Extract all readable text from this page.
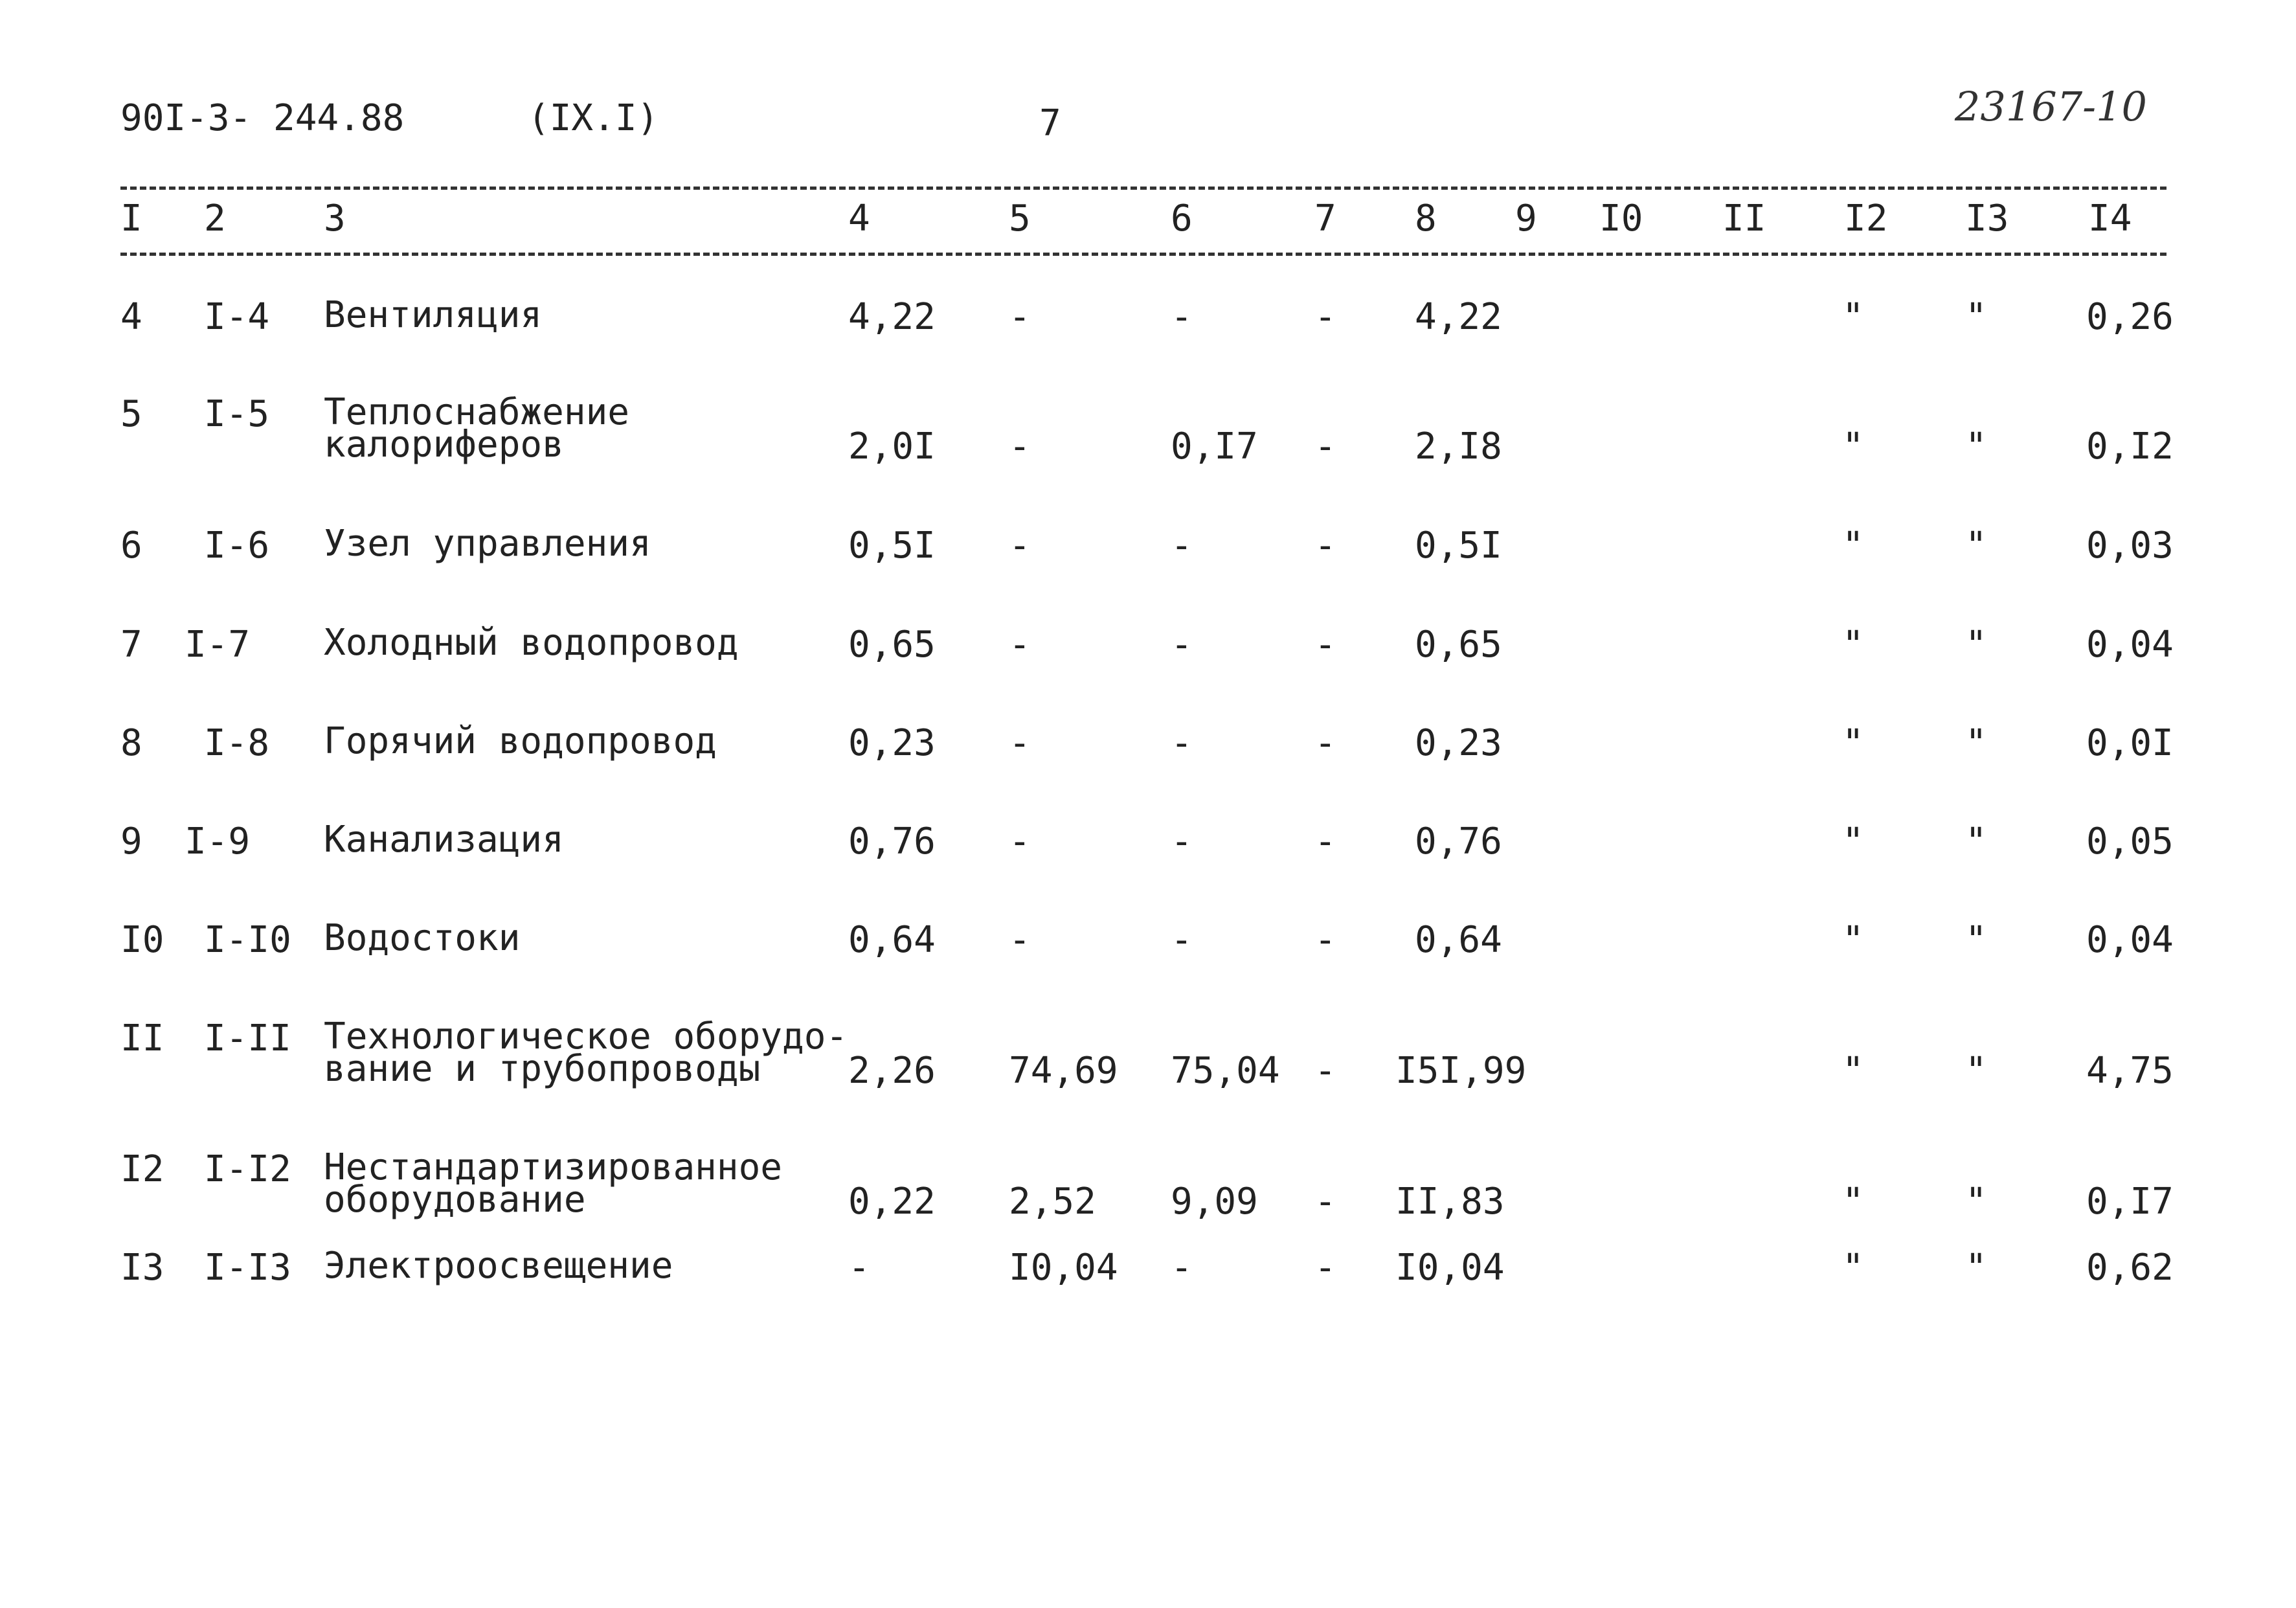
90I-3- 244.88	(IX.I)	7	23167-10
I 2	3	4	5	6	7 8 9 I0 II I2 I3 I4
4 I-4 Вентиляция	4,22 -	-	- 4,22	"	"	0,26
5 I-5 Теплоснабжение
калориферов	2,0I -	0,I7 - 2,I8	"	"	0,I2
6 I-6 Узел управления	0,5I -	-	- 0,5I	"	"	0,03
7 I-7 Холодный водопровод	0,65 -	-	- 0,65	"	"	0,04
8 I-8 Горячий водопровод	0,23 -	-	- 0,23	"	"	0,0I
9 I-9 Канализация	0,76 -	-	- 0,76	"	"	0,05
I0 I-I0 Водостоки	0,64 -	-	- 0,64	"	"	0,04
II I-II Технологическое оборудо-
вание и трубопроводы	2,26 74,69 75,04 - I5I,99	"	"	4,75
I2 I-I2 Нестандартизированное
оборудование	0,22 2,52 9,09 - II,83	"	"	0,I7
I3 I-I3 Электроосвещение	-	I0,04 -	- I0,04	"	"	0,62
